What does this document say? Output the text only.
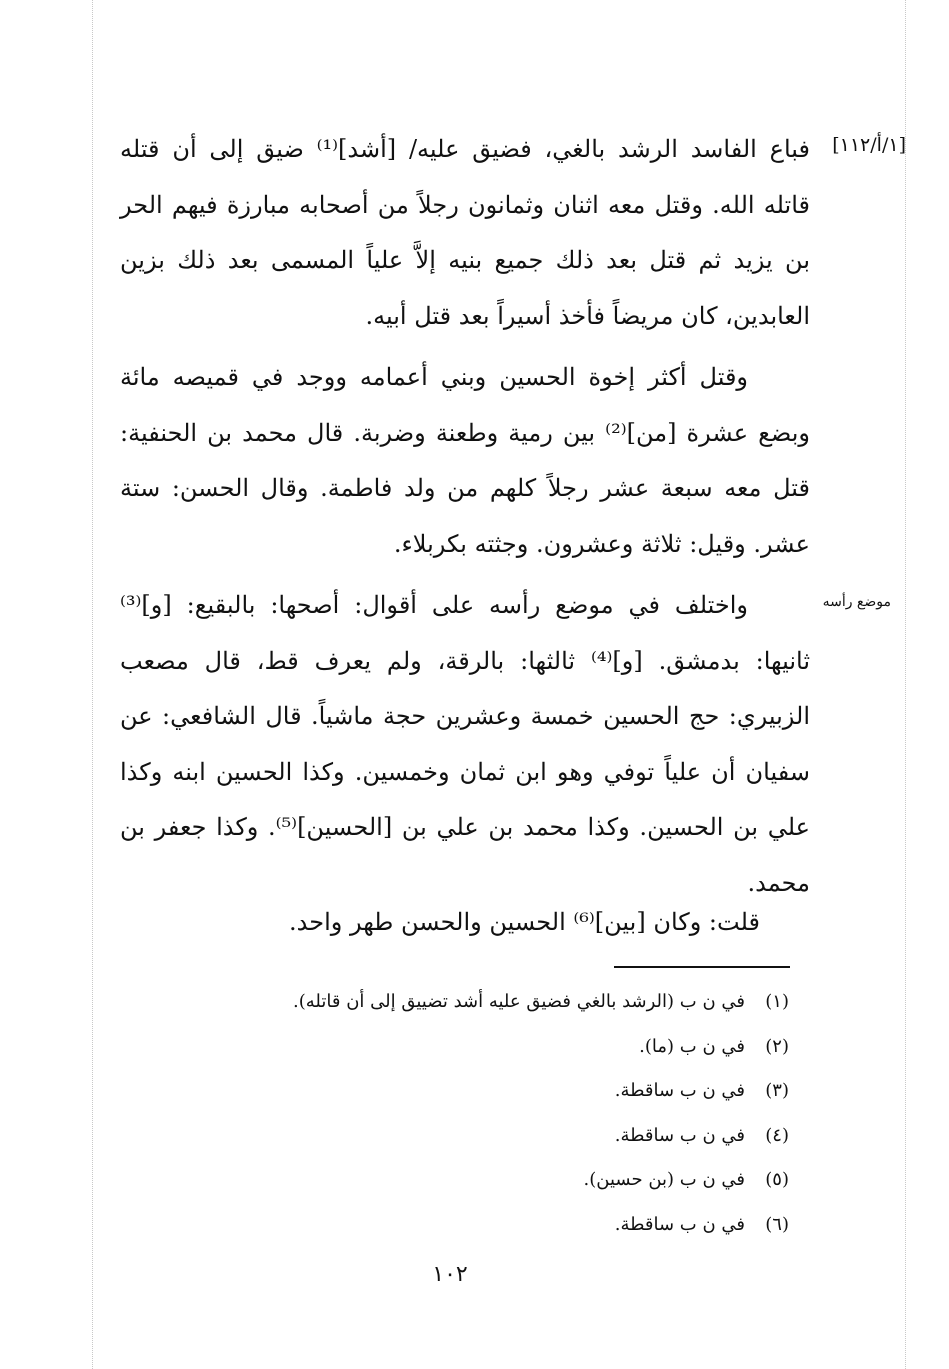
[١/أ/١١٢]
موضع رأسه

فباع الفاسد الرشد بالغي، فضيق عليه/ [أشد]⁽¹⁾ ضيق إلى أن قتله قاتله الله. وقتل معه اثنان وثمانون رجلاً من أصحابه مبارزة فيهم الحر بن يزيد ثم قتل بعد ذلك جميع بنيه إلاَّ علياً المسمى بعد ذلك بزين العابدين، كان مريضاً فأخذ أسيراً بعد قتل أبيه.

وقتل أكثر إخوة الحسين وبني أعمامه ووجد في قميصه مائة وبضع عشرة [من]⁽²⁾ بين رمية وطعنة وضربة. قال محمد بن الحنفية: قتل معه سبعة عشر رجلاً كلهم من ولد فاطمة. وقال الحسن: ستة عشر. وقيل: ثلاثة وعشرون. وجثته بكربلاء.

واختلف في موضع رأسه على أقوال: أصحها: بالبقيع: [و]⁽³⁾ ثانيها: بدمشق. [و]⁽⁴⁾ ثالثها: بالرقة، ولم يعرف قط، قال مصعب الزبيري: حج الحسين خمسة وعشرين حجة ماشياً. قال الشافعي: عن سفيان أن علياً توفي وهو ابن ثمان وخمسين. وكذا الحسين ابنه وكذا علي بن الحسين. وكذا محمد بن علي بن [الحسين]⁽⁵⁾. وكذا جعفر بن محمد.

قلت: وكان [بين]⁽⁶⁾ الحسين والحسن طهر واحد.

(١)في ن ب (الرشد بالغي فضيق عليه أشد تضييق إلى أن قاتله).
(٢)في ن ب (ما).
(٣)في ن ب ساقطة.
(٤)في ن ب ساقطة.
(٥)في ن ب (بن حسين).
(٦)في ن ب ساقطة.
١٠٢
